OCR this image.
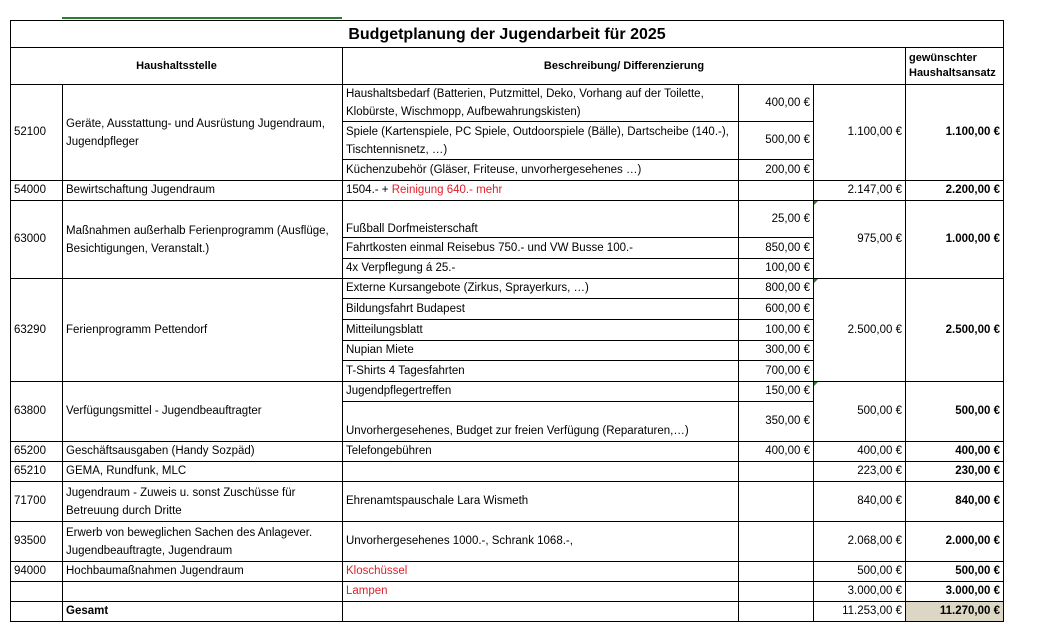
Budgetplanung der Jugendarbeit für 2025					
Haushaltsstelle		Beschreibung/ Differenzierung			gewünschter
Haushaltsansatz
52100	Geräte, Ausstattung- und Ausrüstung Jugendraum, Jugendpfleger	Haushaltsbedarf (Batterien, Putzmittel, Deko, Vorhang auf der Toilette, Klobürste, Wischmopp, Aufbewahrungskisten)	400,00 €	1.100,00 €	1.100,00 €
		Spiele (Kartenspiele, PC Spiele, Outdoorspiele (Bälle), Dartscheibe (140.-), Tischtennisnetz, …)	500,00 €		
		Küchenzubehör (Gläser, Friteuse, unvorhergesehenes …)	200,00 €		
54000	Bewirtschaftung Jugendraum	1504.- + Reinigung 640.- mehr		2.147,00 €	2.200,00 €
63000	Maßnahmen außerhalb Ferienprogramm (Ausflüge, Besichtigungen, Veranstalt.)	Fußball Dorfmeisterschaft	25,00 €	975,00 €	1.000,00 €
		Fahrtkosten einmal Reisebus 750.- und VW Busse 100.-	850,00 €		
		4x Verpflegung á 25.-	100,00 €		
63290	Ferienprogramm Pettendorf	Externe Kursangebote (Zirkus, Sprayerkurs, …)	800,00 €	2.500,00 €	2.500,00 €
		Bildungsfahrt Budapest	600,00 €		
		Mitteilungsblatt	100,00 €		
		Nupian Miete	300,00 €		
		T-Shirts 4 Tagesfahrten	700,00 €		
63800	Verfügungsmittel - Jugendbeauftragter	Jugendpflegertreffen	150,00 €	500,00 €	500,00 €
		Unvorhergesehenes, Budget zur freien Verfügung (Reparaturen,…)	350,00 €		
65200	Geschäftsausgaben (Handy Sozpäd)	Telefongebühren	400,00 €	400,00 €	400,00 €
65210	GEMA, Rundfunk, MLC			223,00 €	230,00 €
71700	Jugendraum - Zuweis u. sonst Zuschüsse für Betreuung durch Dritte	Ehrenamtspauschale Lara Wismeth		840,00 €	840,00 €
93500	Erwerb von beweglichen Sachen des Anlagever. Jugendbeauftragte, Jugendraum	Unvorhergesehenes 1000.-, Schrank 1068.-,		2.068,00 €	2.000,00 €
94000	Hochbaumaßnahmen Jugendraum	Kloschüssel		500,00 €	500,00 €
		Lampen		3.000,00 €	3.000,00 €
	Gesamt			11.253,00 €	11.270,00 €
